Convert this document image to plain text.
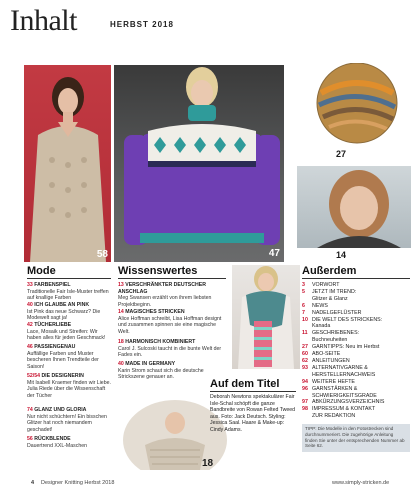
Inhalt	HERBST 2018
58	47
27
14
18
Mode
33 FARBENSPIEL
Traditionelle Fair Isle-Muster treffen auf knallige Farben
40 ICH GLAUBE AN PINK
Ist Pink das neue Schwarz? Die Modewelt sagt ja!
42 TÜCHERLIEBE
Lace, Mosaik und Streifen: Wir haben alles für jeden Geschmack!
46 PASSIENGENAU
Auffällige Farben und Muster bescheren Ihnen Trendteile der Saison!
52/54 DIE DESIGNERIN
Mit Isabell Kraemer finden wir Liebe. Julia Riede über die Wissenschaft der Tücher
74 GLANZ UND GLORIA
Nur nicht schüchtern! Ein bisschen Glitzer hat noch niemandem geschadet!
56 RÜCKBLENDE
Dauertrend XXL-Maschen
Wissenswertes
13 VERSCHRÄNKTER DEUTSCHER ANSCHLAG
Meg Swansen erzählt von ihrem liebsten Projektbeginn.
14 MAGISCHES STRICKEN
Alice Hoffman schreibt, Lisa Hoffman designt und zusammen spinnen sie eine magische Welt.
18 HARMONISCH KOMBINIERT
Carol J. Sulcoski taucht in die bunte Welt der Fades ein.
40 MADE IN GERMANY
Karin Strom schaut sich die deutsche Strickszene genauer an.
Auf dem Titel
Deborah Newtons spektakulärer Fair Isle-Schal schöpft die ganze Bandbreite von Rowan Felted Tweed aus. Foto: Jack Deutsch. Styling: Jessica Saal. Haare & Make-up: Cindy Adams.
Außerdem
3	VORWORT
5	JETZT IM TREND:
Glitzer & Glanz
6	NEWS
7	NADELGEFLÜSTER
10 DIE WELT DES STRICKENS:
Kanada
11 GESCHRIEBENES:
Buchneuheiten
27 GARNTIPPS: Neu im Herbst
60 ABO-SEITE
62 ANLEITUNGEN
93 ALTERNATIVGARNE &
HERSTELLERNACHWEIS
94 WEITERE HEFTE
96 GARNSTÄRKEN &
SCHWIERIGKEITSGRADE
97 ABKÜRZUNGSVERZEICHNIS
98 IMPRESSUM & KONTAKT
ZUR REDAKTION
TIPP: Die Modelle in den Fotostrecken sind durchnummeriert. Die zugehörige Anleitung finden Sie unter der entsprechenden Nummer ab Seite 62.
4 Designer Knitting Herbst 2018	www.simply-stricken.de
